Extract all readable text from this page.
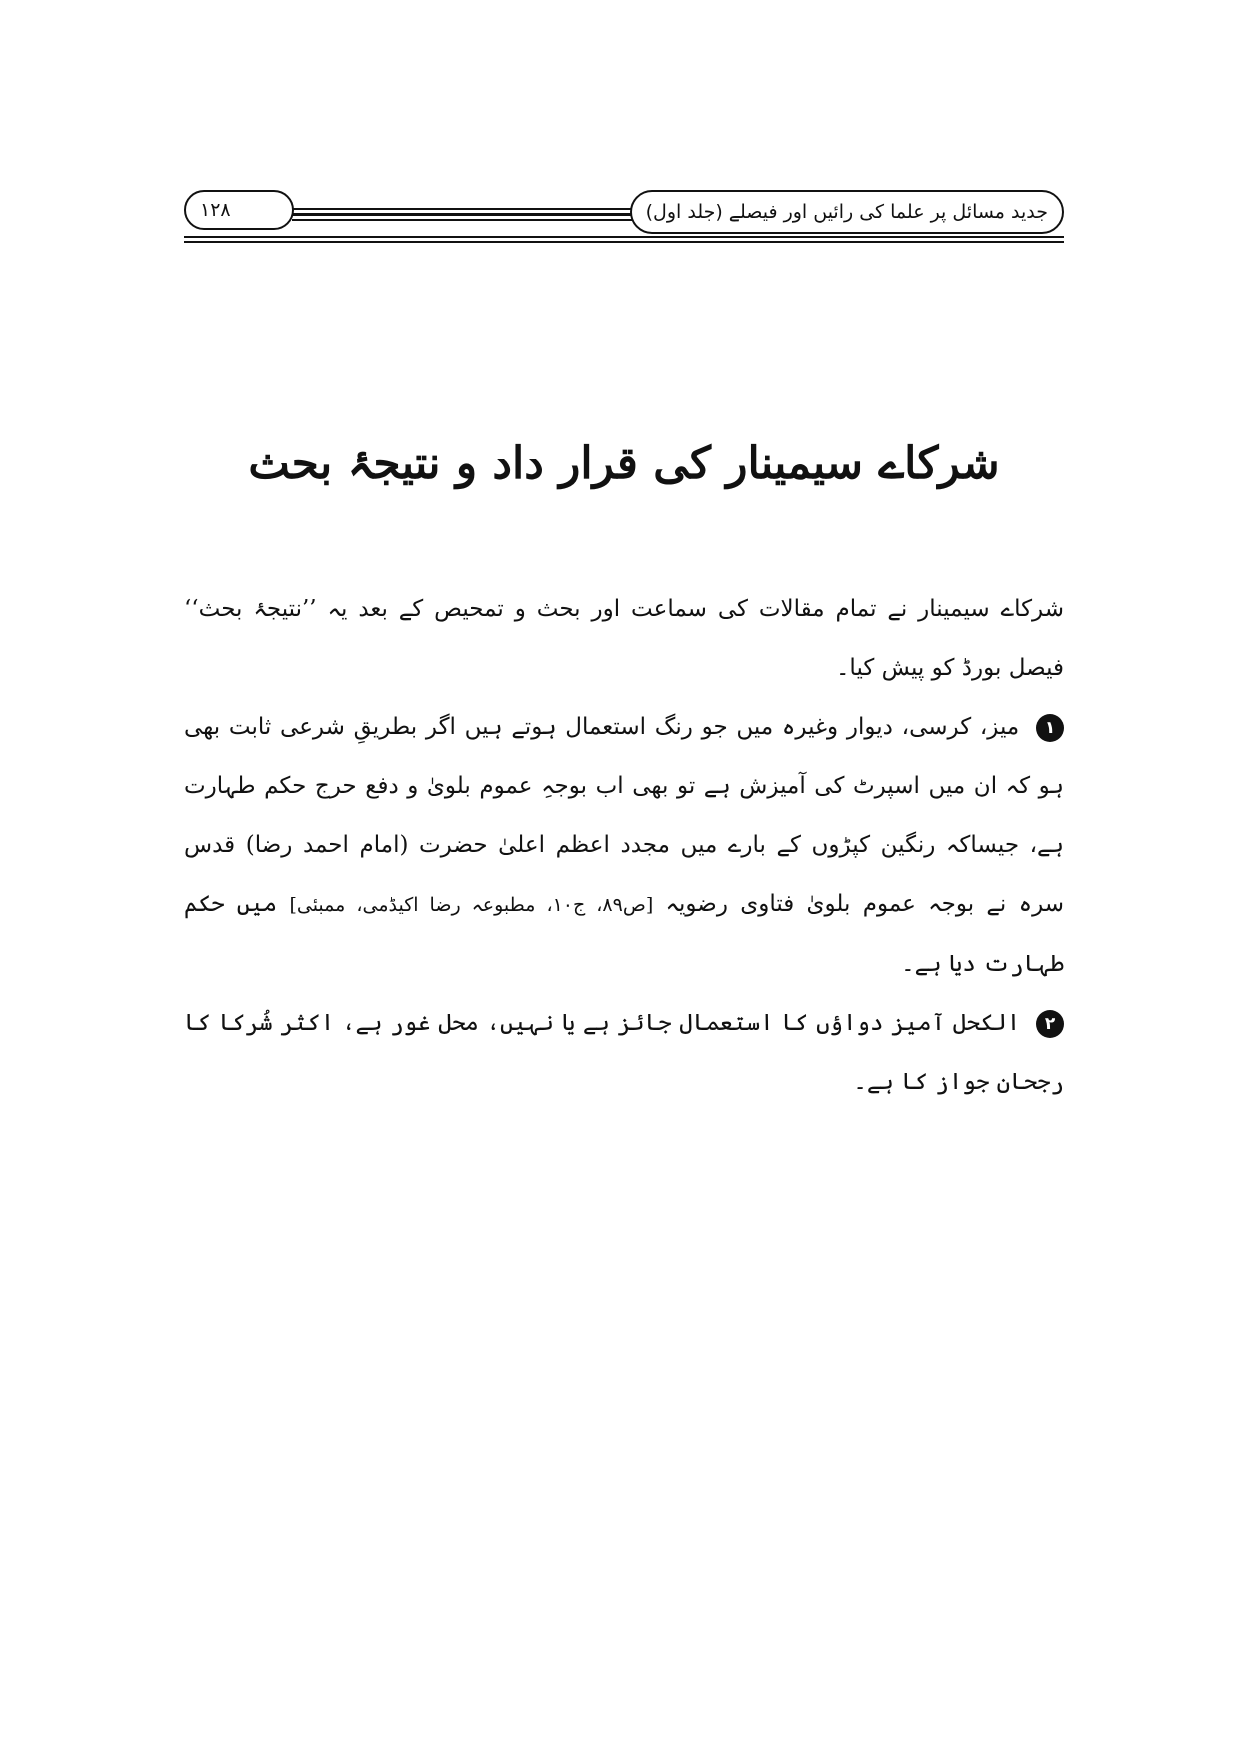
جدید مسائل پر علما کی رائیں اور فیصلے (جلد اول)
۱۲۸
شرکاے سیمینار کی قرار داد و نتیجۂ بحث

شرکاے سیمینار نے تمام مقالات کی سماعت اور بحث و تمحیص کے بعد یہ ’’نتیجۂ بحث‘‘

فیصل بورڈ کو پیش کیا۔

۱ میز، کرسی، دیوار وغیرہ میں جو رنگ استعمال ہوتے ہیں اگر بطریقِ شرعی ثابت بھی ہو کہ ان میں اسپرٹ کی آمیزش ہے تو بھی اب بوجہِ عموم بلویٰ و دفع حرج حکم طہارت ہے، جیساکہ رنگین کپڑوں کے بارے میں مجدد اعظم اعلیٰ حضرت (امام احمد رضا) قدس سرہ نے بوجہ عموم بلویٰ فتاوی رضویہ [ص۸۹، ج۱۰، مطبوعہ رضا اکیڈمی، ممبئی] میں حکم طہارت دیا ہے۔

۲ الکحل آمیز دواؤں کا استعمال جائز ہے یا نہیں، محل غور ہے، اکثر شُرکا کا رجحان جواز کا ہے۔
